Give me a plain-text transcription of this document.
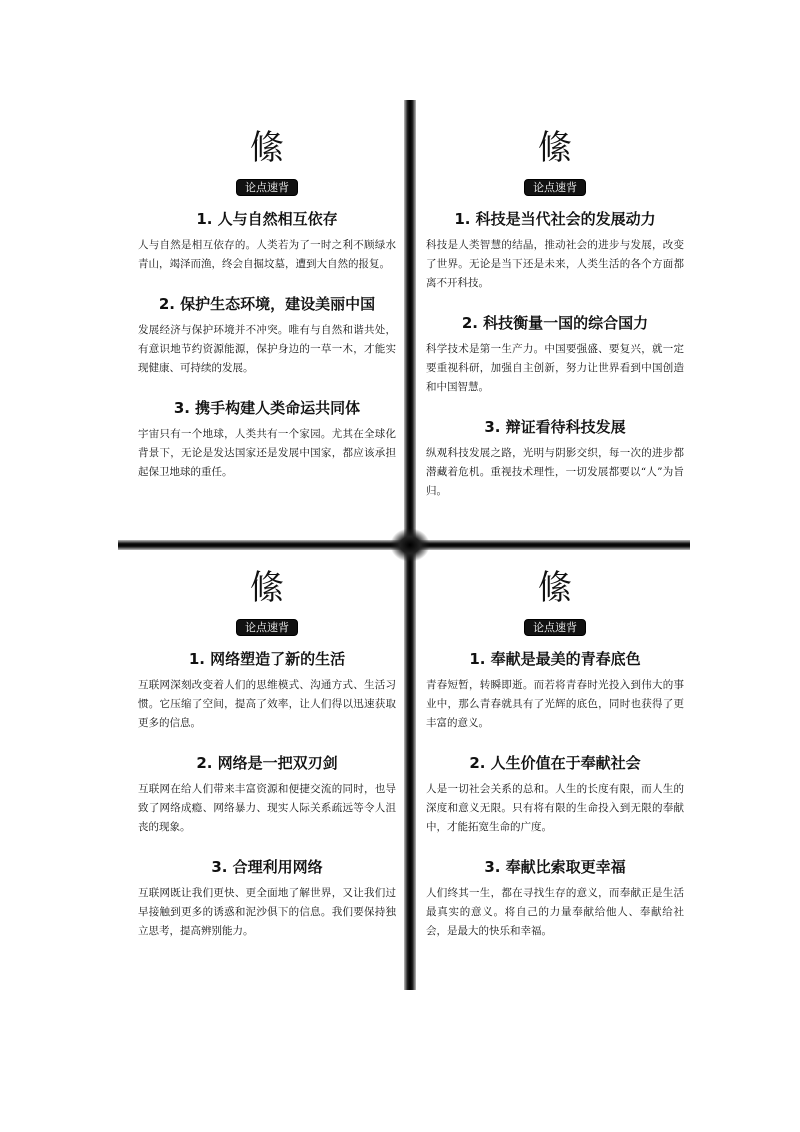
絛
论点速背
1. 人与自然相互依存
人与自然是相互依存的。人类若为了一时之利不顾绿水青山，竭泽而渔，终会自掘坟墓，遭到大自然的报复。
2. 保护生态环境，建设美丽中国
发展经济与保护环境并不冲突。唯有与自然和谐共处，有意识地节约资源能源，保护身边的一草一木，才能实现健康、可持续的发展。
3. 携手构建人类命运共同体
宇宙只有一个地球，人类共有一个家园。尤其在全球化背景下，无论是发达国家还是发展中国家，都应该承担起保卫地球的重任。
絛
论点速背
1. 科技是当代社会的发展动力
科技是人类智慧的结晶，推动社会的进步与发展，改变了世界。无论是当下还是未来，人类生活的各个方面都离不开科技。
2. 科技衡量一国的综合国力
科学技术是第一生产力。中国要强盛、要复兴，就一定要重视科研，加强自主创新，努力让世界看到中国创造和中国智慧。
3. 辩证看待科技发展
纵观科技发展之路，光明与阴影交织，每一次的进步都潜藏着危机。重视技术理性，一切发展都要以“人”为旨归。
絛
论点速背
1. 网络塑造了新的生活
互联网深刻改变着人们的思维模式、沟通方式、生活习惯。它压缩了空间，提高了效率，让人们得以迅速获取更多的信息。
2. 网络是一把双刃剑
互联网在给人们带来丰富资源和便捷交流的同时，也导致了网络成瘾、网络暴力、现实人际关系疏远等令人沮丧的现象。
3. 合理利用网络
互联网既让我们更快、更全面地了解世界，又让我们过早接触到更多的诱惑和泥沙俱下的信息。我们要保持独立思考，提高辨别能力。
絛
论点速背
1. 奉献是最美的青春底色
青春短暂，转瞬即逝。而若将青春时光投入到伟大的事业中，那么青春就具有了光辉的底色，同时也获得了更丰富的意义。
2. 人生价值在于奉献社会
人是一切社会关系的总和。人生的长度有限，而人生的深度和意义无限。只有将有限的生命投入到无限的奉献中，才能拓宽生命的广度。
3. 奉献比索取更幸福
人们终其一生，都在寻找生存的意义，而奉献正是生活最真实的意义。将自己的力量奉献给他人、奉献给社会，是最大的快乐和幸福。
